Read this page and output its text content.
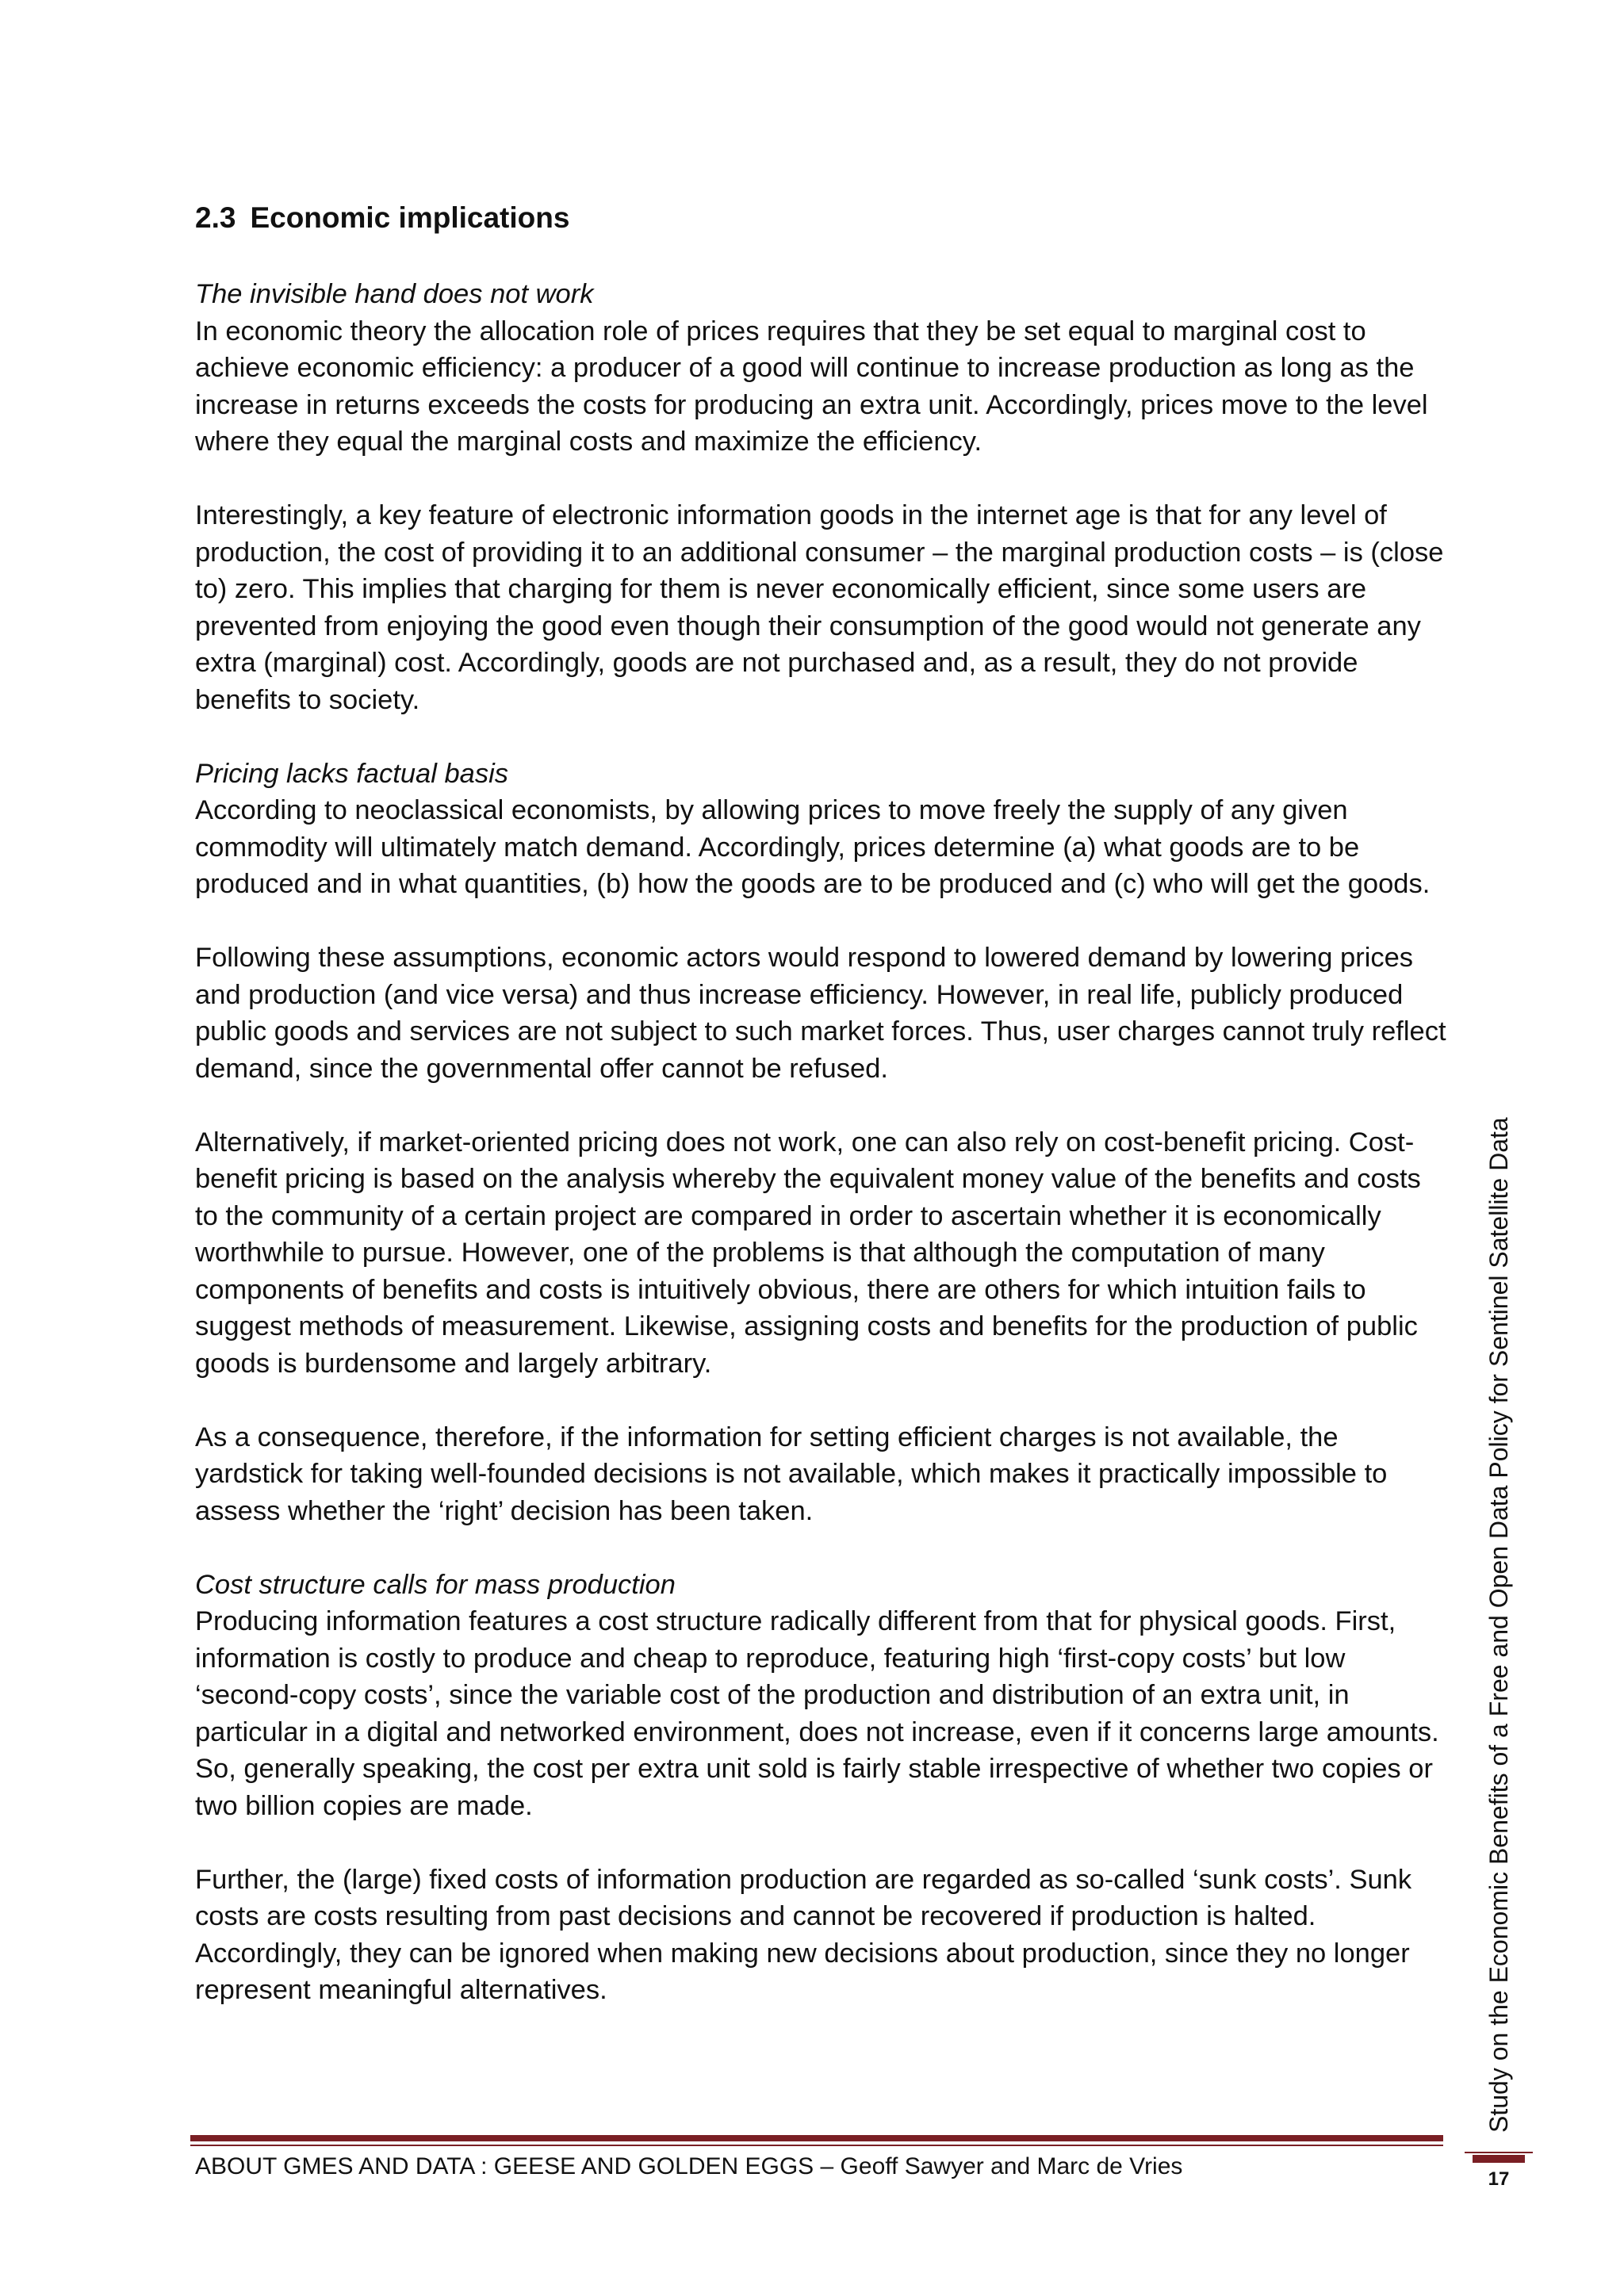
2.3 Economic implications

The invisible hand does not work
In economic theory the allocation role of prices requires that they be set equal to marginal cost to achieve economic efficiency: a producer of a good will continue to increase production as long as the increase in returns exceeds the costs for producing an extra unit. Accordingly, prices move to the level where they equal the marginal costs and maximize the efficiency.

Interestingly, a key feature of electronic information goods in the internet age is that for any level of production, the cost of providing it to an additional consumer – the marginal production costs – is (close to) zero. This implies that charging for them is never economically efficient, since some users are prevented from enjoying the good even though their consumption of the good would not generate any extra (marginal) cost. Accordingly, goods are not purchased and, as a result, they do not provide benefits to society.

Pricing lacks factual basis
According to neoclassical economists, by allowing prices to move freely the supply of any given commodity will ultimately match demand. Accordingly, prices determine (a) what goods are to be produced and in what quantities, (b) how the goods are to be produced and (c) who will get the goods.

Following these assumptions, economic actors would respond to lowered demand by lowering prices and production (and vice versa) and thus increase efficiency. However, in real life, publicly produced public goods and services are not subject to such market forces. Thus, user charges cannot truly reflect demand, since the governmental offer cannot be refused.

Alternatively, if market-oriented pricing does not work, one can also rely on cost-benefit pricing. Cost-benefit pricing is based on the analysis whereby the equivalent money value of the benefits and costs to the community of a certain project are compared in order to ascertain whether it is economically worthwhile to pursue. However, one of the problems is that although the computation of many components of benefits and costs is intuitively obvious, there are others for which intuition fails to suggest methods of measurement. Likewise, assigning costs and benefits for the production of public goods is burdensome and largely arbitrary.

As a consequence, therefore, if the information for setting efficient charges is not available, the yardstick for taking well-founded decisions is not available, which makes it practically impossible to assess whether the ‘right’ decision has been taken.

Cost structure calls for mass production
Producing information features a cost structure radically different from that for physical goods. First, information is costly to produce and cheap to reproduce, featuring high ‘first-copy costs’ but low ‘second-copy costs’, since the variable cost of the production and distribution of an extra unit, in particular in a digital and networked environment, does not increase, even if it concerns large amounts. So, generally speaking, the cost per extra unit sold is fairly stable irrespective of whether two copies or two billion copies are made.

Further, the (large) fixed costs of information production are regarded as so-called ‘sunk costs’. Sunk costs are costs resulting from past decisions and cannot be recovered if production is halted. Accordingly, they can be ignored when making new decisions about production, since they no longer represent meaningful alternatives.	Study on the Economic Benefits of a Free and Open Data Policy for Sentinel Satellite Data
ABOUT GMES AND DATA : GEESE AND GOLDEN EGGS – Geoff Sawyer and Marc de Vries	17
